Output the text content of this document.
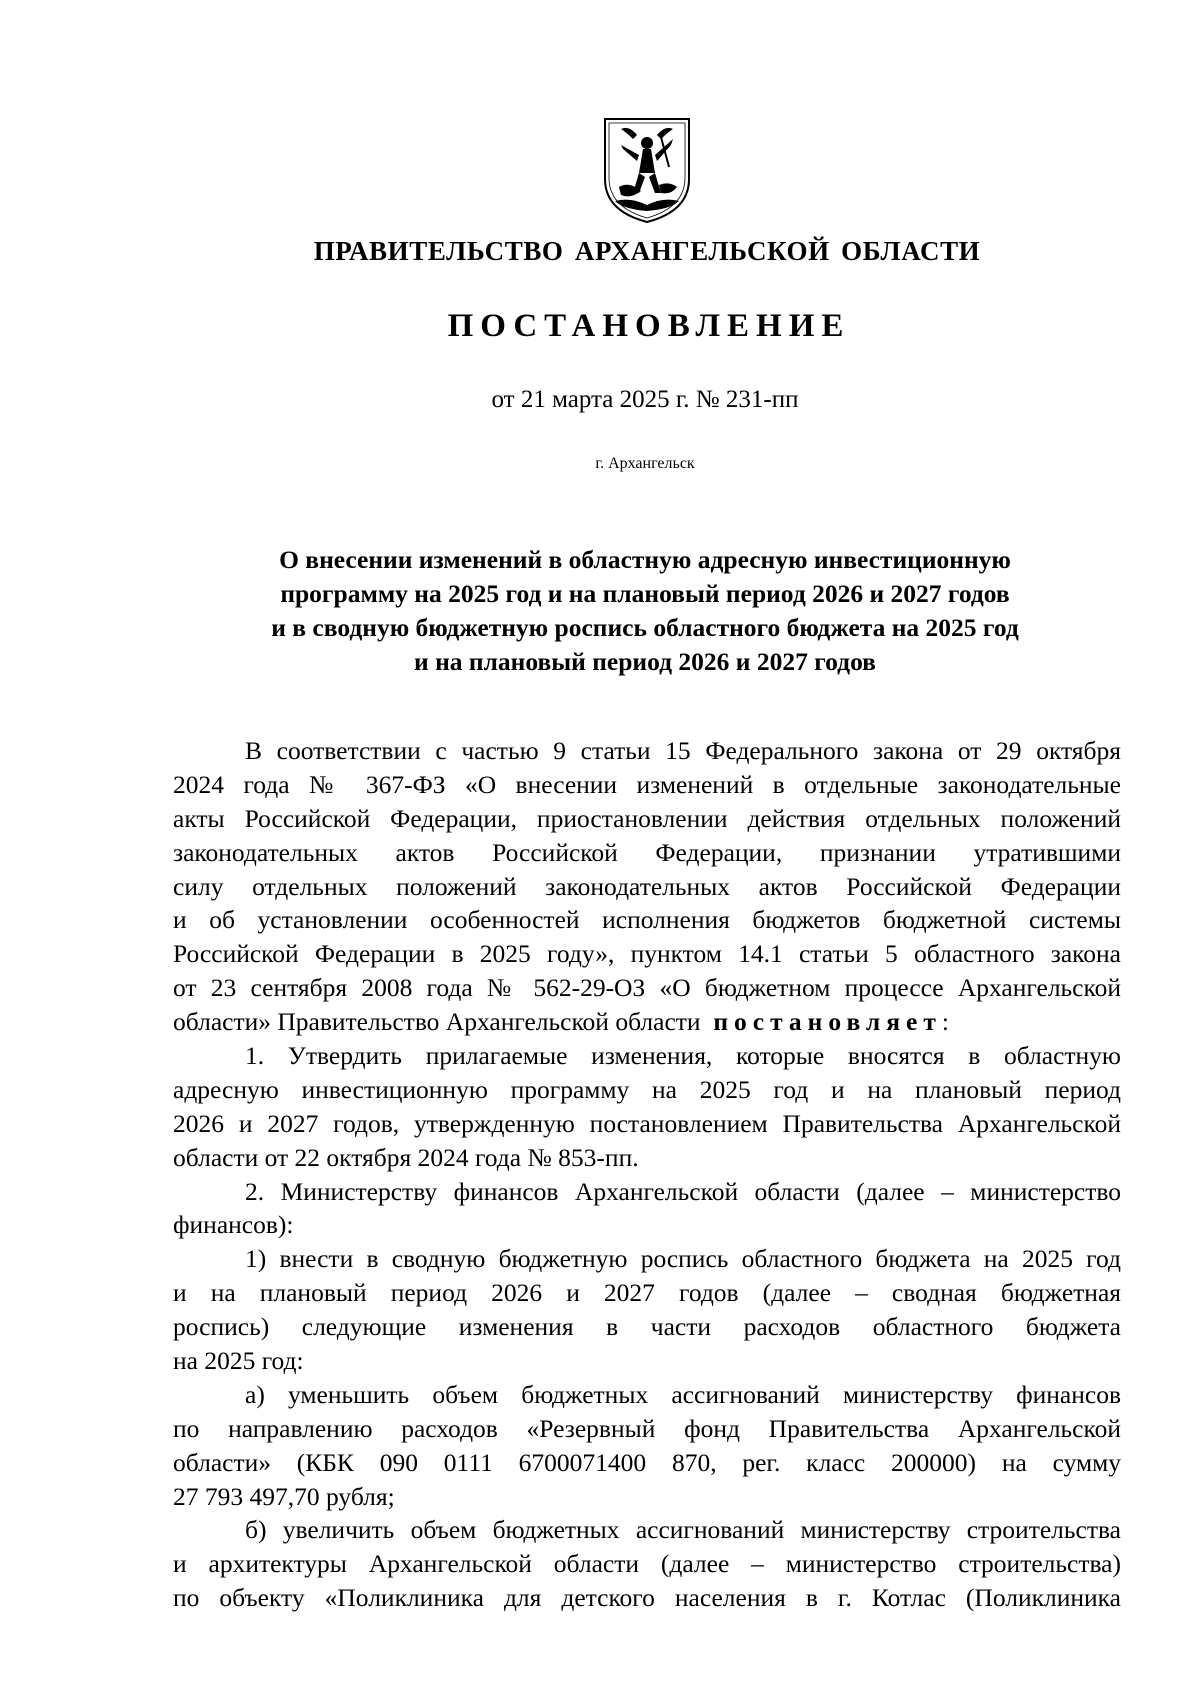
ПРАВИТЕЛЬСТВО АРХАНГЕЛЬСКОЙ ОБЛАСТИ
ПОСТАНОВЛЕНИЕ
от 21 марта 2025 г. № 231-пп
г. Архангельск
О внесении изменений в областную адресную инвестиционную
программу на 2025 год и на плановый период 2026 и 2027 годов
и в сводную бюджетную роспись областного бюджета на 2025 год
и на плановый период 2026 и 2027 годов
В соответствии с частью 9 статьи 15 Федерального закона от 29 октября
2024 года № 367-ФЗ «О внесении изменений в отдельные законодательные
акты Российской Федерации, приостановлении действия отдельных положений
законодательных актов Российской Федерации, признании утратившими
силу отдельных положений законодательных актов Российской Федерации
и об установлении особенностей исполнения бюджетов бюджетной системы
Российской Федерации в 2025 году», пунктом 14.1 статьи 5 областного закона
от 23 сентября 2008 года № 562-29-ОЗ «О бюджетном процессе Архангельской
области» Правительство Архангельской области постановляет:
1. Утвердить прилагаемые изменения, которые вносятся в областную
адресную инвестиционную программу на 2025 год и на плановый период
2026 и 2027 годов, утвержденную постановлением Правительства Архангельской
области от 22 октября 2024 года № 853-пп.
2. Министерству финансов Архангельской области (далее – министерство
финансов):
1) внести в сводную бюджетную роспись областного бюджета на 2025 год
и на плановый период 2026 и 2027 годов (далее – сводная бюджетная
роспись) следующие изменения в части расходов областного бюджета
на 2025 год:
а) уменьшить объем бюджетных ассигнований министерству финансов
по направлению расходов «Резервный фонд Правительства Архангельской
области» (КБК 090 0111 6700071400 870, рег. класс 200000) на сумму
27 793 497,70 рубля;
б) увеличить объем бюджетных ассигнований министерству строительства
и архитектуры Архангельской области (далее – министерство строительства)
по объекту «Поликлиника для детского населения в г. Котлас (Поликлиника
